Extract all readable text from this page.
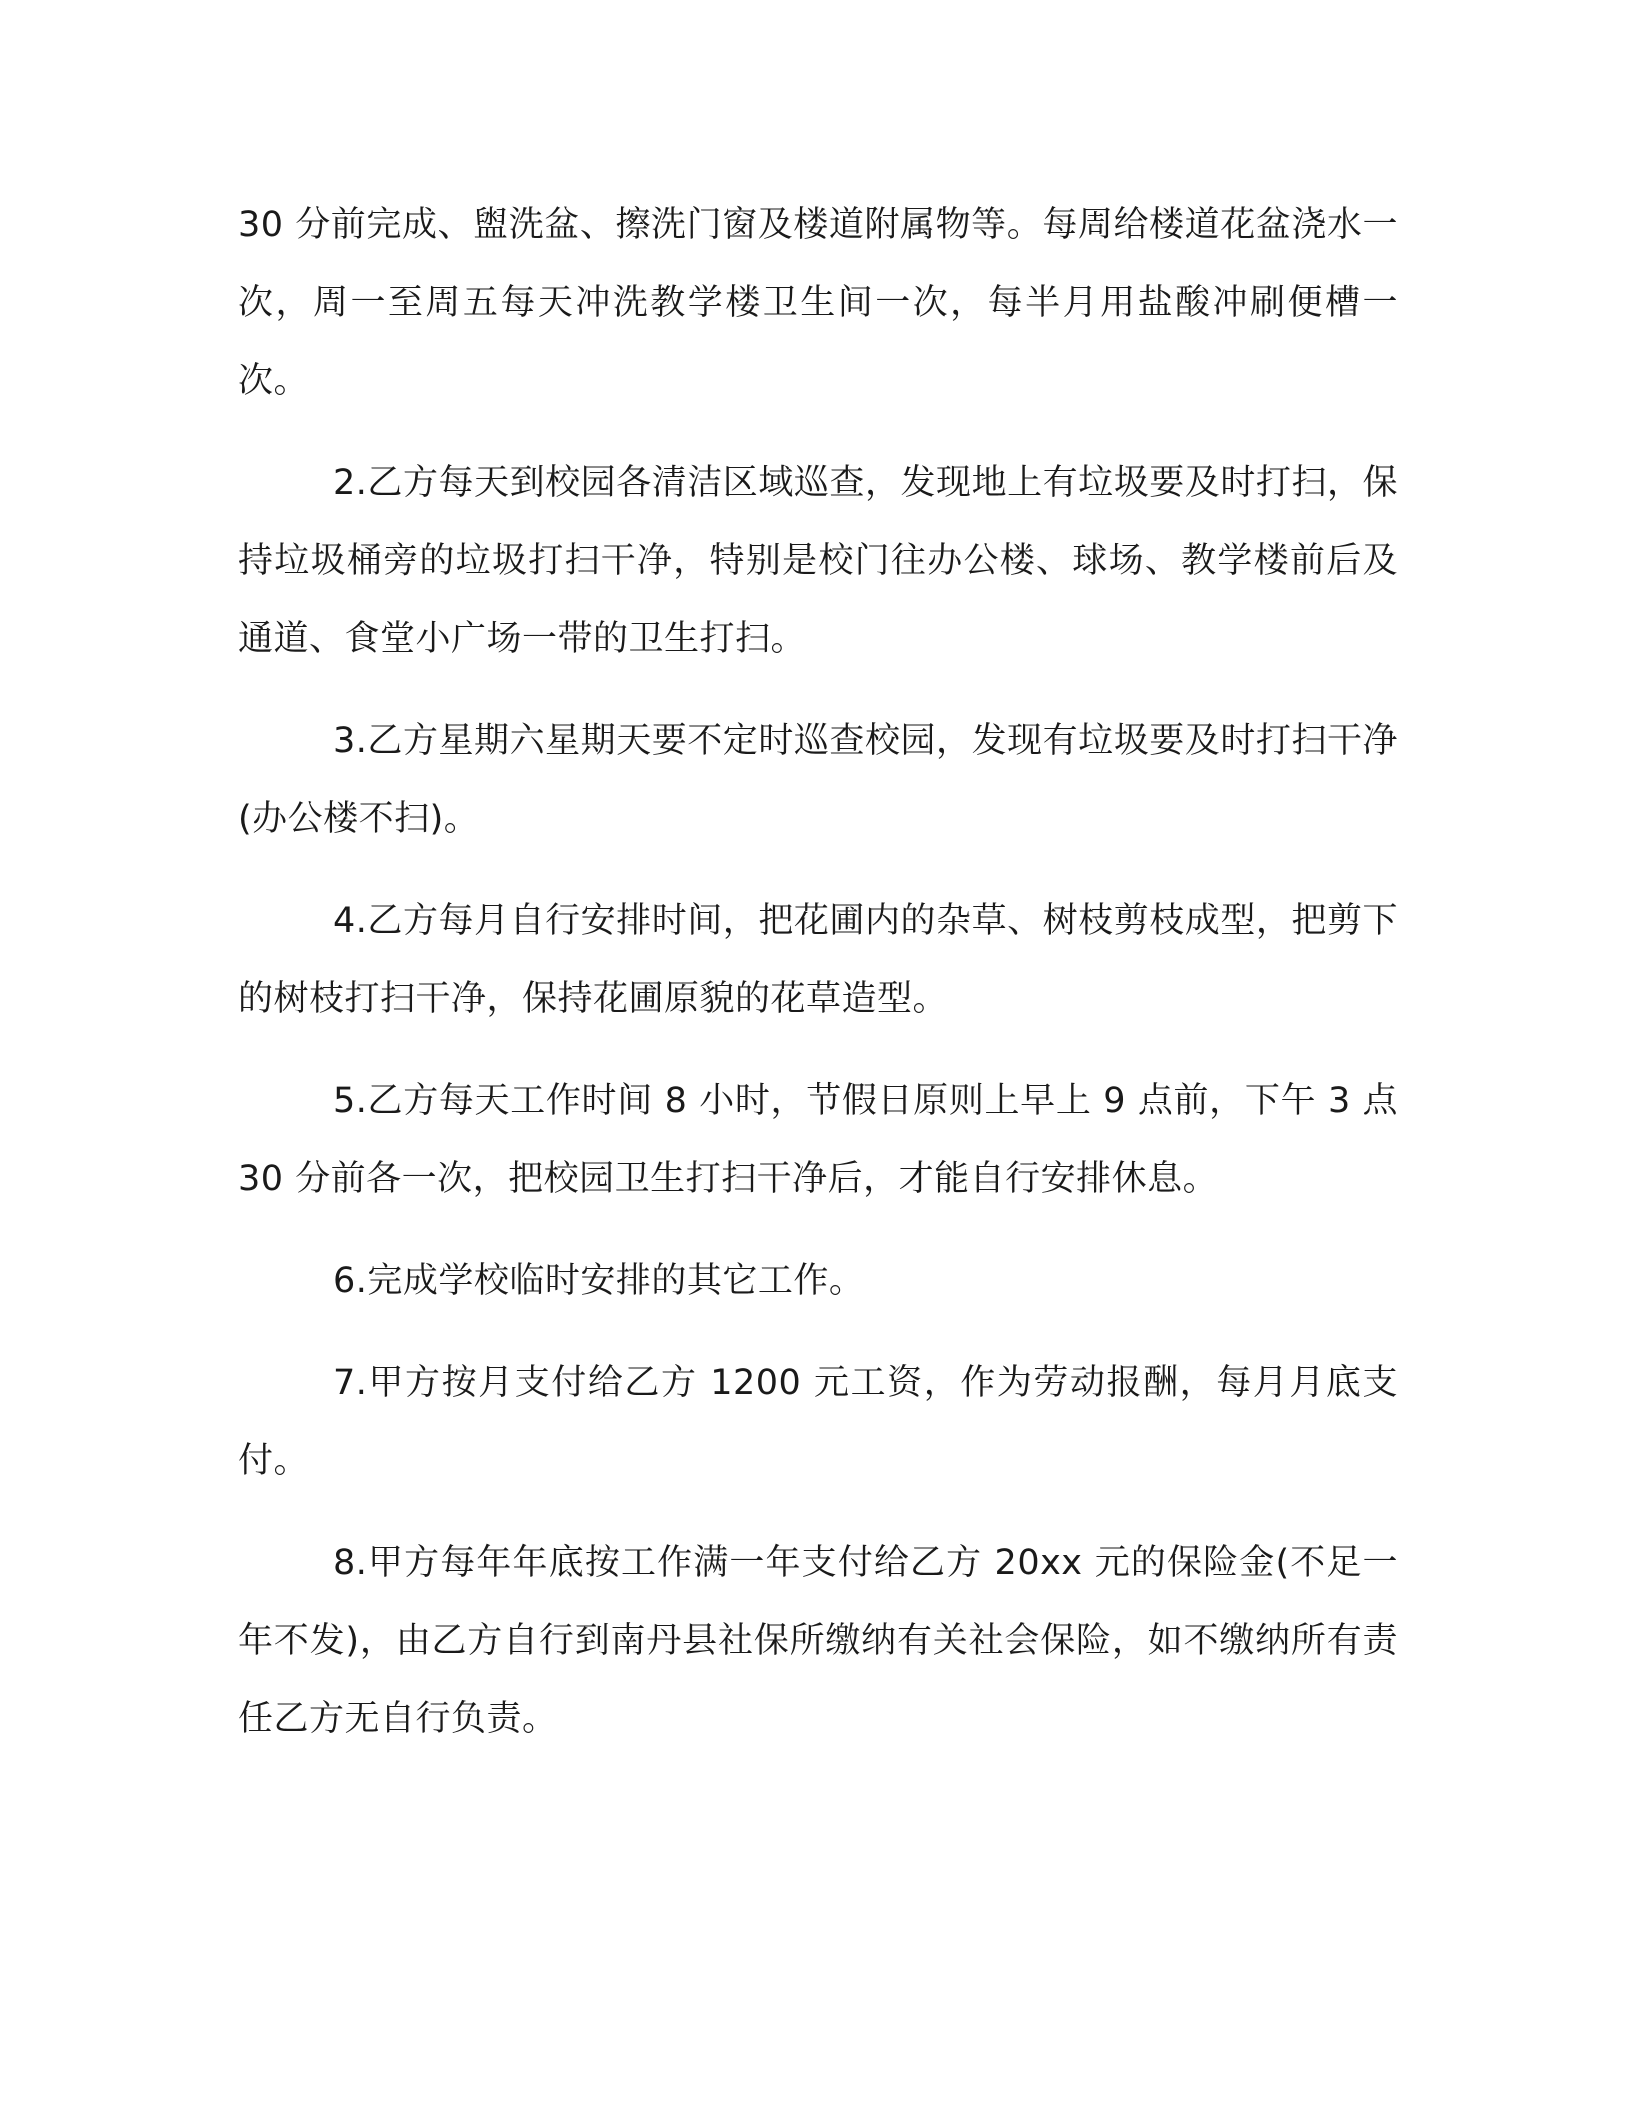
30 分前完成、盥洗盆、擦洗门窗及楼道附属物等。每周给楼道花盆浇水一次，周一至周五每天冲洗教学楼卫生间一次，每半月用盐酸冲刷便槽一次。

2.乙方每天到校园各清洁区域巡查，发现地上有垃圾要及时打扫，保持垃圾桶旁的垃圾打扫干净，特别是校门往办公楼、球场、教学楼前后及通道、食堂小广场一带的卫生打扫。

3.乙方星期六星期天要不定时巡查校园，发现有垃圾要及时打扫干净 (办公楼不扫)。

4.乙方每月自行安排时间，把花圃内的杂草、树枝剪枝成型，把剪下的树枝打扫干净，保持花圃原貌的花草造型。

5.乙方每天工作时间 8 小时，节假日原则上早上 9 点前，下午 3 点 30 分前各一次，把校园卫生打扫干净后，才能自行安排休息。

6.完成学校临时安排的其它工作。

7.甲方按月支付给乙方 1200 元工资，作为劳动报酬，每月月底支付。

8.甲方每年年底按工作满一年支付给乙方 20xx 元的保险金(不足一年不发)，由乙方自行到南丹县社保所缴纳有关社会保险，如不缴纳所有责任乙方无自行负责。
